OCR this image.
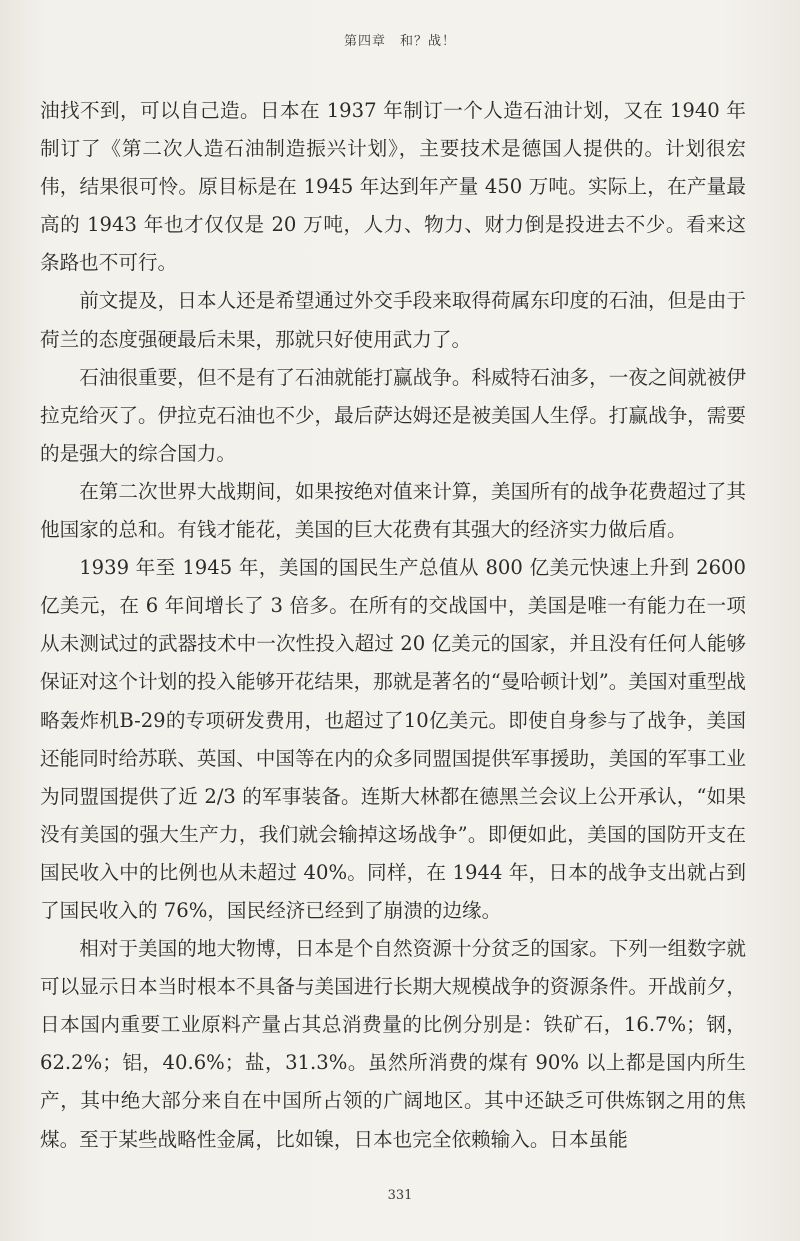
第四章　和？战！

油找不到，可以自己造。日本在 1937 年制订一个人造石油计划，又在 1940 年制订了《第二次人造石油制造振兴计划》，主要技术是德国人提供的。计划很宏伟，结果很可怜。原目标是在 1945 年达到年产量 450 万吨。实际上，在产量最高的 1943 年也才仅仅是 20 万吨，人力、物力、财力倒是投进去不少。看来这条路也不可行。

前文提及，日本人还是希望通过外交手段来取得荷属东印度的石油，但是由于荷兰的态度强硬最后未果，那就只好使用武力了。

石油很重要，但不是有了石油就能打赢战争。科威特石油多，一夜之间就被伊拉克给灭了。伊拉克石油也不少，最后萨达姆还是被美国人生俘。打赢战争，需要的是强大的综合国力。

在第二次世界大战期间，如果按绝对值来计算，美国所有的战争花费超过了其他国家的总和。有钱才能花，美国的巨大花费有其强大的经济实力做后盾。

1939 年至 1945 年，美国的国民生产总值从 800 亿美元快速上升到 2600 亿美元，在 6 年间增长了 3 倍多。在所有的交战国中，美国是唯一有能力在一项从未测试过的武器技术中一次性投入超过 20 亿美元的国家，并且没有任何人能够保证对这个计划的投入能够开花结果，那就是著名的“曼哈顿计划”。美国对重型战略轰炸机B-29的专项研发费用，也超过了10亿美元。即使自身参与了战争，美国还能同时给苏联、英国、中国等在内的众多同盟国提供军事援助，美国的军事工业为同盟国提供了近 2/3 的军事装备。连斯大林都在德黑兰会议上公开承认，“如果没有美国的强大生产力，我们就会输掉这场战争”。即便如此，美国的国防开支在国民收入中的比例也从未超过 40%。同样，在 1944 年，日本的战争支出就占到了国民收入的 76%，国民经济已经到了崩溃的边缘。

相对于美国的地大物博，日本是个自然资源十分贫乏的国家。下列一组数字就可以显示日本当时根本不具备与美国进行长期大规模战争的资源条件。开战前夕，日本国内重要工业原料产量占其总消费量的比例分别是：铁矿石，16.7%；钢，62.2%；铝，40.6%；盐，31.3%。虽然所消费的煤有 90% 以上都是国内所生产，其中绝大部分来自在中国所占领的广阔地区。其中还缺乏可供炼钢之用的焦煤。至于某些战略性金属，比如镍，日本也完全依赖输入。日本虽能

331
